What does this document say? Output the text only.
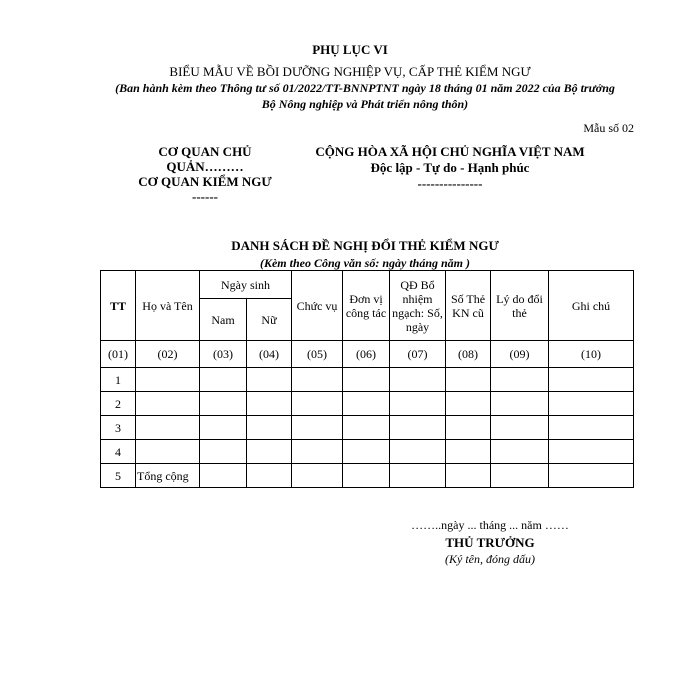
PHỤ LỤC VI
BIỂU MẪU VỀ BỒI DƯỠNG NGHIỆP VỤ, CẤP THẺ KIỂM NGƯ
(Ban hành kèm theo Thông tư số 01/2022/TT-BNNPTNT ngày 18 tháng 01 năm 2022 của Bộ trưởng Bộ Nông nghiệp và Phát triển nông thôn)
Mẫu số 02
CƠ QUAN CHỦ
QUẢN………
CƠ QUAN KIỂM NGƯ
------
CỘNG HÒA XÃ HỘI CHỦ NGHĨA VIỆT NAM
Độc lập - Tự do - Hạnh phúc
---------------
DANH SÁCH ĐỀ NGHỊ ĐỔI THẺ KIỂM NGƯ
(Kèm theo Công văn số: ngày tháng năm )
TT	Họ và Tên	Ngày sinh		Chức vụ	Đơn vị công tác	QĐ Bổ nhiệm ngạch: Số, ngày	Số Thẻ KN cũ	Lý do đổi thẻ	Ghi chú
		Nam	Nữ						
(01)	(02)	(03)	(04)	(05)	(06)	(07)	(08)	(09)	(10)
1									
2									
3									
4									
5	Tổng cộng								
……..ngày ... tháng ... năm ……
THỦ TRƯỞNG
(Ký tên, đóng dấu)
